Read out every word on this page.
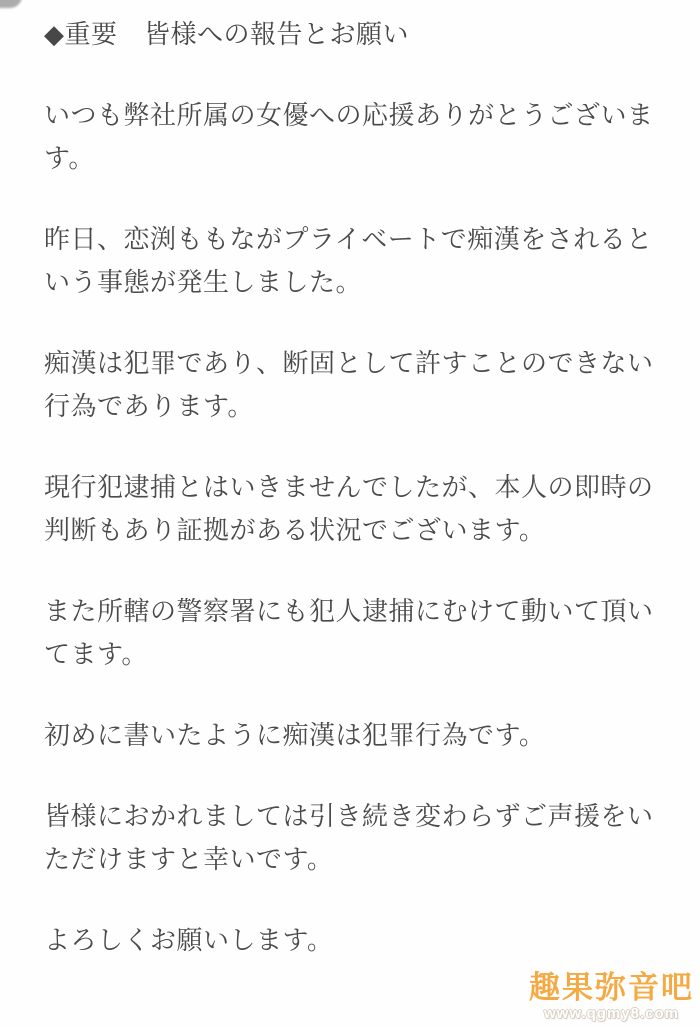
◆重要　皆様への報告とお願い

いつも弊社所属の女優への応援ありがとうございます。

昨日、恋渕ももながプライベートで痴漢をされるという事態が発生しました。

痴漢は犯罪であり、断固として許すことのできない行為であります。

現行犯逮捕とはいきませんでしたが、本人の即時の判断もあり証拠がある状況でございます。

また所轄の警察署にも犯人逮捕にむけて動いて頂いてます。

初めに書いたように痴漢は犯罪行為です。

皆様におかれましては引き続き変わらずご声援をいただけますと幸いです。

よろしくお願いします。

趣果弥音吧
www.qgmy8.com
